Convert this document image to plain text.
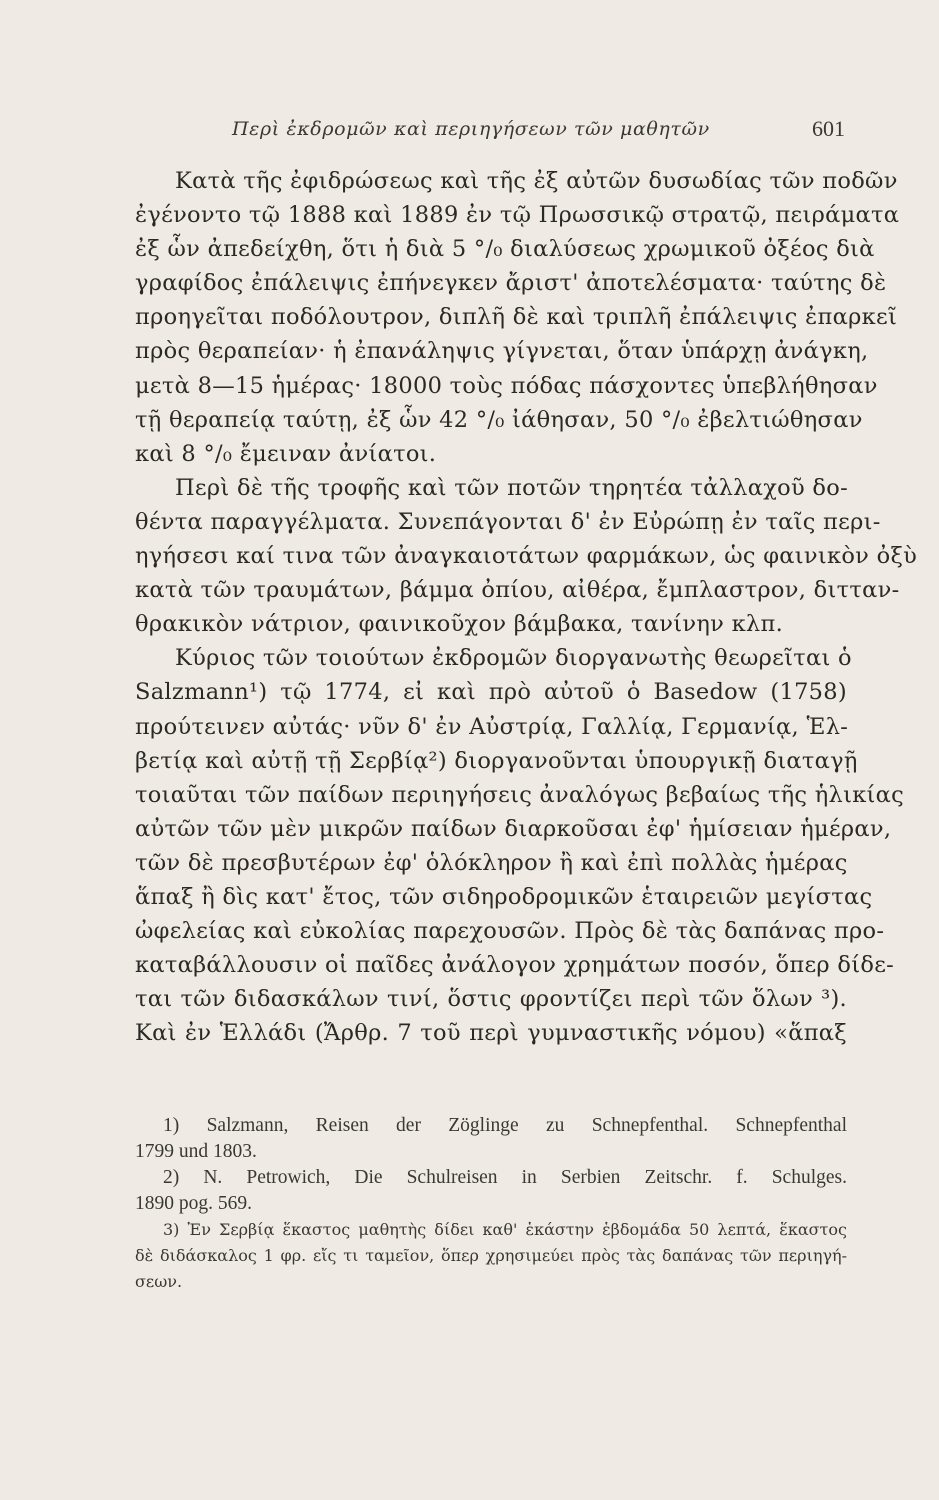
Περὶ ἐκδρομῶν καὶ περιηγήσεων τῶν μαθητῶν	601

Κατὰ τῆς ἐφιδρώσεως καὶ τῆς ἐξ αὐτῶν δυσωδίας τῶν ποδῶν
ἐγένοντο τῷ 1888 καὶ 1889 ἐν τῷ Πρωσσικῷ στρατῷ, πειράματα
ἐξ ὧν ἀπεδείχθη, ὅτι ἡ διὰ 5 °/₀ διαλύσεως χρωμικοῦ ὀξέος διὰ
γραφίδος ἐπάλειψις ἐπήνεγκεν ἄριστ' ἀποτελέσματα· ταύτης δὲ
προηγεῖται ποδόλουτρον, διπλῆ δὲ καὶ τριπλῆ ἐπάλειψις ἐπαρκεῖ
πρὸς θεραπείαν· ἡ ἐπανάληψις γίγνεται, ὅταν ὑπάρχῃ ἀνάγκη,
μετὰ 8—15 ἡμέρας· 18000 τοὺς πόδας πάσχοντες ὑπεβλήθησαν
τῇ θεραπείᾳ ταύτῃ, ἐξ ὧν 42 °/₀ ἰάθησαν, 50 °/₀ ἐβελτιώθησαν
καὶ 8 °/₀ ἔμειναν ἀνίατοι.

Περὶ δὲ τῆς τροφῆς καὶ τῶν ποτῶν τηρητέα τἀλλαχοῦ δο-
θέντα παραγγέλματα. Συνεπάγονται δ' ἐν Εὐρώπῃ ἐν ταῖς περι-
ηγήσεσι καί τινα τῶν ἀναγκαιοτάτων φαρμάκων, ὡς φαινικὸν ὀξὺ
κατὰ τῶν τραυμάτων, βάμμα ὀπίου, αἰθέρα, ἔμπλαστρον, διτταν-
θρακικὸν νάτριον, φαινικοῦχον βάμβακα, τανίνην κλπ.

Κύριος τῶν τοιούτων ἐκδρομῶν διοργανωτὴς θεωρεῖται ὁ
Salzmann¹) τῷ 1774, εἰ καὶ πρὸ αὐτοῦ ὁ Basedow (1758)
προύτεινεν αὐτάς· νῦν δ' ἐν Αὐστρίᾳ, Γαλλίᾳ, Γερμανίᾳ, Ἑλ-
βετίᾳ καὶ αὐτῇ τῇ Σερβίᾳ²) διοργανοῦνται ὑπουργικῇ διαταγῇ
τοιαῦται τῶν παίδων περιηγήσεις ἀναλόγως βεβαίως τῆς ἡλικίας
αὐτῶν τῶν μὲν μικρῶν παίδων διαρκοῦσαι ἐφ' ἡμίσειαν ἡμέραν,
τῶν δὲ πρεσβυτέρων ἐφ' ὁλόκληρον ἢ καὶ ἐπὶ πολλὰς ἡμέρας
ἅπαξ ἢ δὶς κατ' ἔτος, τῶν σιδηροδρομικῶν ἑταιρειῶν μεγίστας
ὠφελείας καὶ εὐκολίας παρεχουσῶν. Πρὸς δὲ τὰς δαπάνας προ-
καταβάλλουσιν οἱ παῖδες ἀνάλογον χρημάτων ποσόν, ὅπερ δίδε-
ται τῶν διδασκάλων τινί, ὅστις φροντίζει περὶ τῶν ὅλων ³).
Καὶ ἐν Ἑλλάδι (Ἄρθρ. 7 τοῦ περὶ γυμναστικῆς νόμου) «ἅπαξ

1) Salzmann, Reisen der Zöglinge zu Schnepfenthal. Schnepfenthal
1799 und 1803.

2) N. Petrowich, Die Schulreisen in Serbien Zeitschr. f. Schulges.
1890 pog. 569.

3) Ἐν Σερβίᾳ ἕκαστος μαθητὴς δίδει καθ' ἑκάστην ἑβδομάδα 50 λεπτά, ἕκαστος
δὲ διδάσκαλος 1 φρ. εἴς τι ταμεῖον, ὅπερ χρησιμεύει πρὸς τὰς δαπάνας τῶν περιηγή-
σεων.
